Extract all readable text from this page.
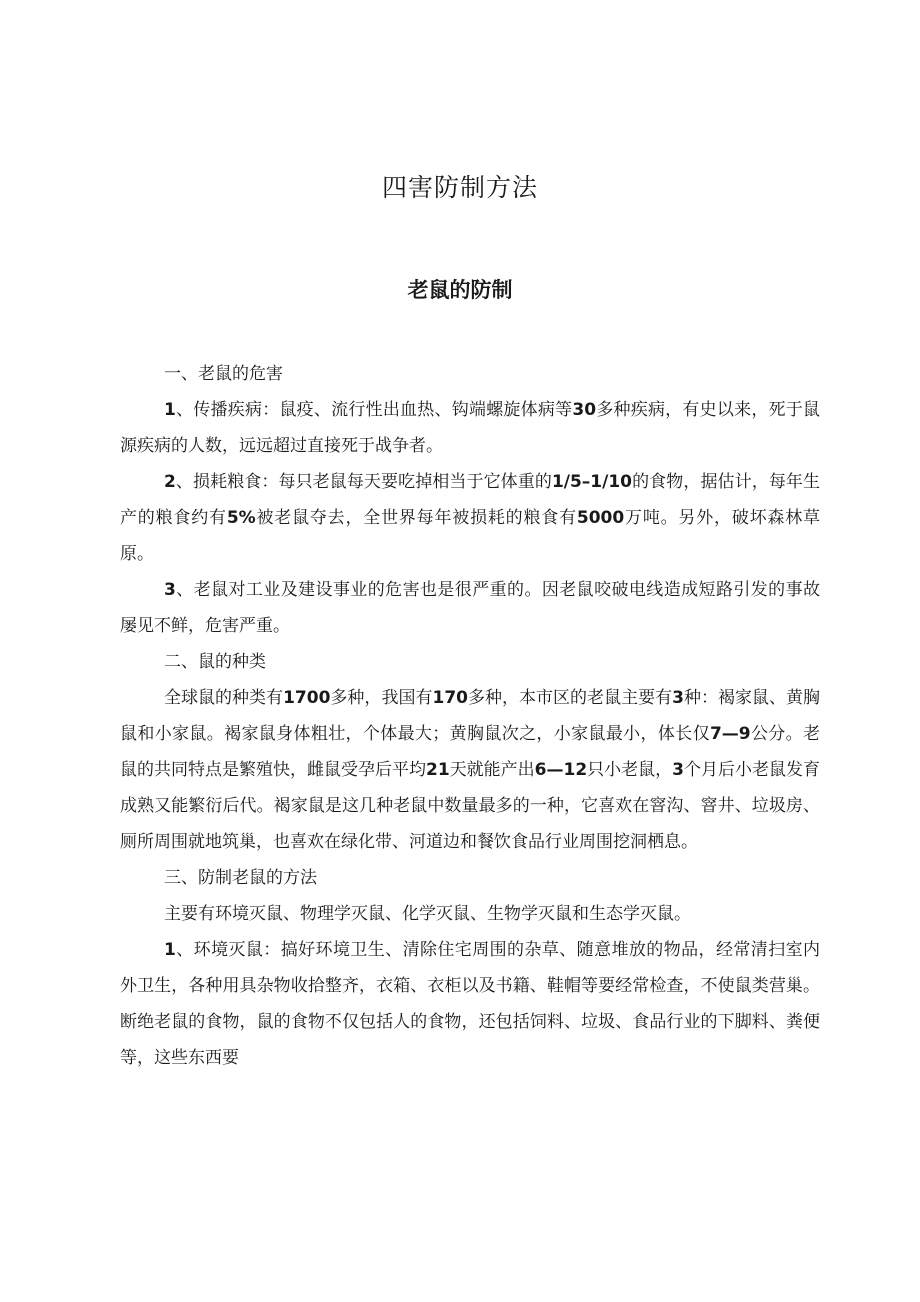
四害防制方法
老鼠的防制

一、老鼠的危害

1、传播疾病：鼠疫、流行性出血热、钩端螺旋体病等30多种疾病，有史以来，死于鼠源疾病的人数，远远超过直接死于战争者。

2、损耗粮食：每只老鼠每天要吃掉相当于它体重的1/5–1/10的食物，据估计，每年生产的粮食约有5%被老鼠夺去，全世界每年被损耗的粮食有5000万吨。另外，破坏森林草原。

3、老鼠对工业及建设事业的危害也是很严重的。因老鼠咬破电线造成短路引发的事故屡见不鲜，危害严重。

二、鼠的种类

全球鼠的种类有1700多种，我国有170多种，本市区的老鼠主要有3种：褐家鼠、黄胸鼠和小家鼠。褐家鼠身体粗壮，个体最大；黄胸鼠次之，小家鼠最小，体长仅7—9公分。老鼠的共同特点是繁殖快，雌鼠受孕后平均21天就能产出6—12只小老鼠，3个月后小老鼠发育成熟又能繁衍后代。褐家鼠是这几种老鼠中数量最多的一种，它喜欢在窨沟、窨井、垃圾房、厕所周围就地筑巢，也喜欢在绿化带、河道边和餐饮食品行业周围挖洞栖息。

三、防制老鼠的方法

主要有环境灭鼠、物理学灭鼠、化学灭鼠、生物学灭鼠和生态学灭鼠。

1、环境灭鼠：搞好环境卫生、清除住宅周围的杂草、随意堆放的物品，经常清扫室内外卫生，各种用具杂物收拾整齐，衣箱、衣柜以及书籍、鞋帽等要经常检查，不使鼠类营巢。断绝老鼠的食物，鼠的食物不仅包括人的食物，还包括饲料、垃圾、食品行业的下脚料、粪便等，这些东西要
